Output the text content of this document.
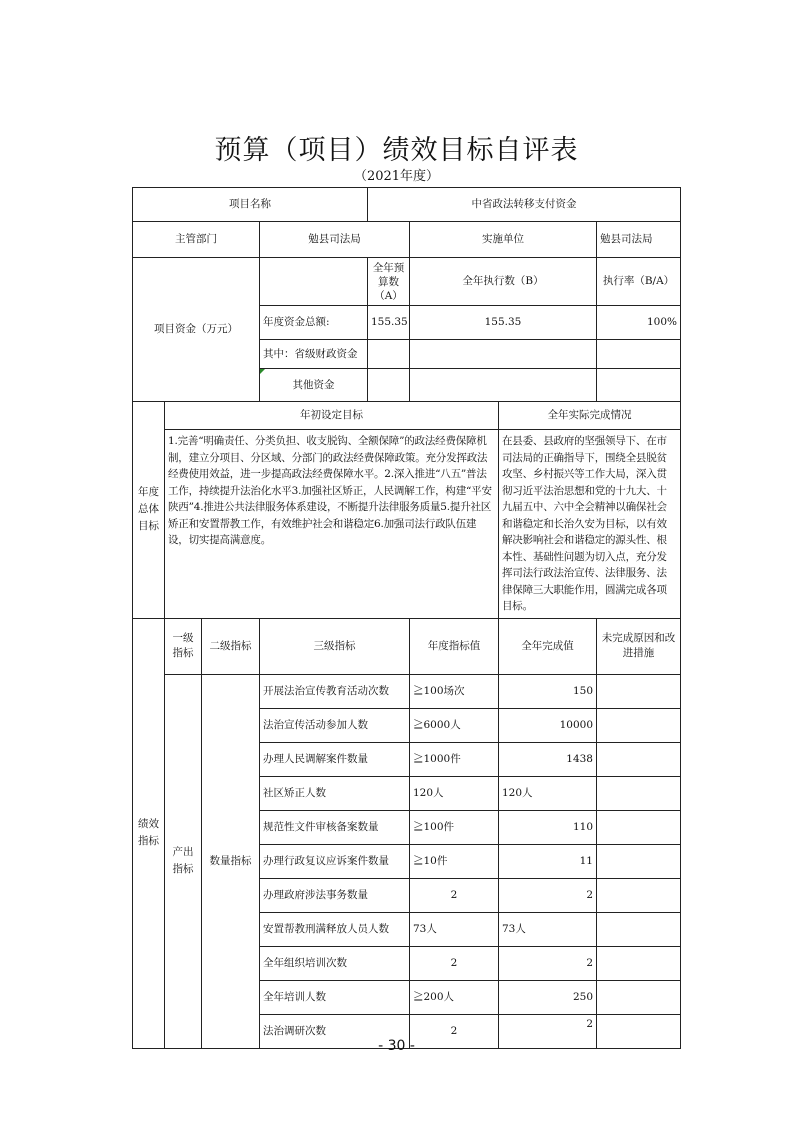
预算（项目）绩效目标自评表
（2021年度）
项目名称				中省政法转移支付资金			
主管部门			勉县司法局		实施单位		勉县司法局
项目资金（万元）				全年预算数（A）	全年执行数（B）		执行率（B/A）
			年度资金总额:	155.35	155.35		100%
			其中：省级财政资金				
			其他资金				
年度总体目标	年初设定目标					全年实际完成情况	
	1.完善“明确责任、分类负担、收支脱钩、全额保障”的政法经费保障机制，建立分项目、分区域、分部门的政法经费保障政策。充分发挥政法经费使用效益，进一步提高政法经费保障水平。2.深入推进“八五”普法工作，持续提升法治化水平3.加强社区矫正，人民调解工作，构建“平安陕西”4.推进公共法律服务体系建设，不断提升法律服务质量5.提升社区矫正和安置帮教工作，有效维护社会和谐稳定6.加强司法行政队伍建设，切实提高满意度。					在县委、县政府的坚强领导下、在市司法局的正确指导下，围绕全县脱贫攻坚、乡村振兴等工作大局，深入贯彻习近平法治思想和党的十九大、十九届五中、六中全会精神以确保社会和谐稳定和长治久安为目标，以有效解决影响社会和谐稳定的源头性、根本性、基础性问题为切入点，充分发挥司法行政法治宣传、法律服务、法律保障三大职能作用，圆满完成各项目标。	
绩效指标	一级指标	二级指标	三级指标		年度指标值	全年完成值	未完成原因和改进措施
	产出指标	数量指标	开展法治宣传教育活动次数		≧100场次	150	
			法治宣传活动参加人数		≧6000人	10000	
			办理人民调解案件数量		≧1000件	1438	
			社区矫正人数		120人	120人	
			规范性文件审核备案数量		≧100件	110	
			办理行政复议应诉案件数量		≧10件	11	
			办理政府涉法事务数量		2	2	
			安置帮教刑满释放人员人数		73人	73人	
			全年组织培训次数		2	2	
			全年培训人数		≧200人	250	
			法治调研次数		2	2	
- 30 -
